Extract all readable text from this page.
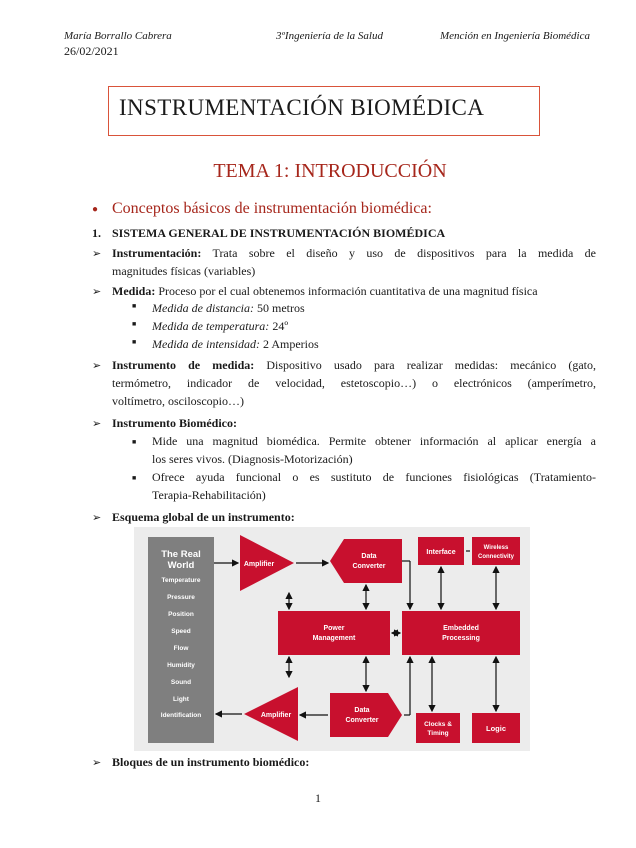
María Borrallo Cabrera	3ºIngeniería de la Salud	Mención en Ingeniería Biomédica
26/02/2021
INSTRUMENTACIÓN BIOMÉDICA
TEMA 1: INTRODUCCIÓN
● Conceptos básicos de instrumentación biomédica:
1. SISTEMA GENERAL DE INSTRUMENTACIÓN BIOMÉDICA
➢ Instrumentación: Trata sobre el diseño y uso de dispositivos para la medida de
magnitudes físicas (variables)
➢ Medida: Proceso por el cual obtenemos información cuantitativa de una magnitud física
■ Medida de distancia: 50 metros
■ Medida de temperatura: 24º
■ Medida de intensidad: 2 Amperios
➢ Instrumento de medida: Dispositivo usado para realizar medidas: mecánico (gato,
termómetro, indicador de velocidad, estetoscopio…) o electrónicos (amperímetro,
voltímetro, osciloscopio…)
➢ Instrumento Biomédico:
■ Mide una magnitud biomédica. Permite obtener información al aplicar energía a
los seres vivos. (Diagnosis-Motorización)
■ Ofrece ayuda funcional o es sustituto de funciones fisiológicas (Tratamiento-
Terapia-Rehabilitación)
➢ Esquema global de un instrumento:
The Real
World
Temperature
Pressure
Position
Speed
Flow
Humidity
Sound
Light
Identification
Amplifier
Data
Converter
Interface
Wireless
Connectivity
Power
Management
Embedded
Processing
Amplifier
Data
Converter
Clocks &
Timing
Logic
➢ Bloques de un instrumento biomédico:
1
